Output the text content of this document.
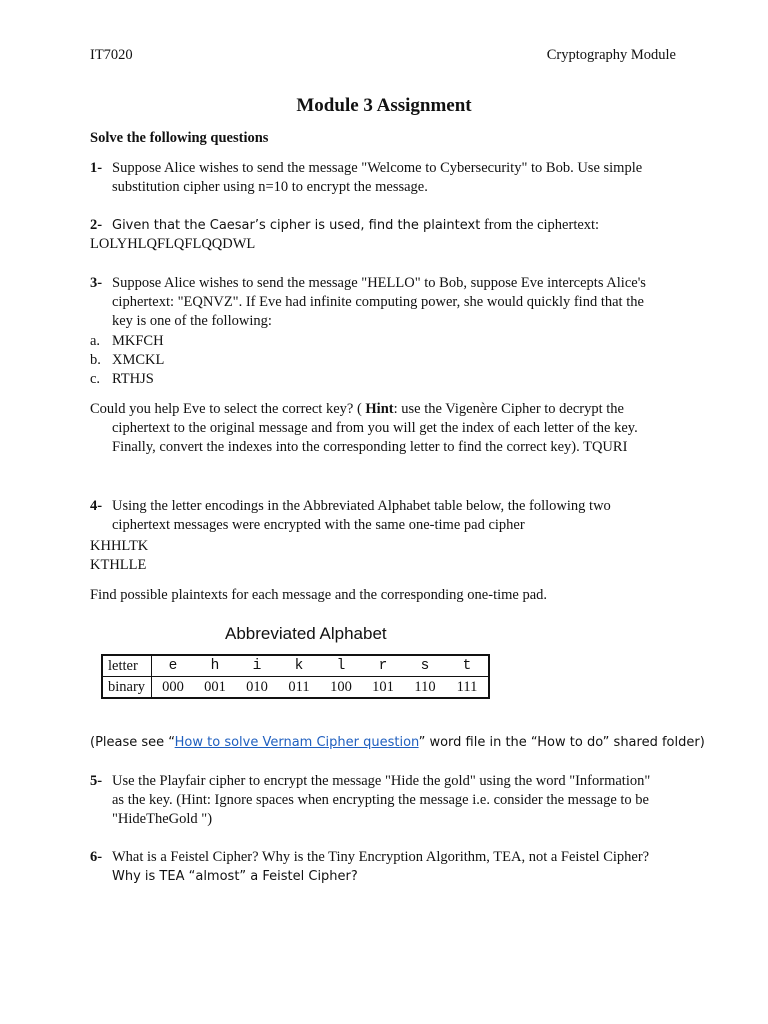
IT7020	Cryptography Module
Module 3 Assignment
Solve the following questions
1- Suppose Alice wishes to send the message "Welcome to Cybersecurity" to Bob. Use simple
substitution cipher using n=10 to encrypt the message.
2- Given that the Caesar’s cipher is used, find the plaintext from the ciphertext:
LOLYHLQFLQFLQQDWL
3- Suppose Alice wishes to send the message "HELLO" to Bob, suppose Eve intercepts Alice's
ciphertext: "EQNVZ". If Eve had infinite computing power, she would quickly find that the
key is one of the following:
a. MKFCH
b. XMCKL
c. RTHJS

Could you help Eve to select the correct key? ( Hint: use the Vigenère Cipher to decrypt the

ciphertext to the original message and from you will get the index of each letter of the key.

Finally, convert the indexes into the corresponding letter to find the correct key). TQURI

4- Using the letter encodings in the Abbreviated Alphabet table below, the following two
ciphertext messages were encrypted with the same one-time pad cipher
KHHLTK
KTHLLE
Find possible plaintexts for each message and the corresponding one-time pad.
Abbreviated Alphabet
letter	e	h	i	k	l	r	s	t
binary	000	001	010	011	100	101	110	111
(Please see “How to solve Vernam Cipher question” word file in the “How to do” shared folder)
5- Use the Playfair cipher to encrypt the message "Hide the gold" using the word "Information"
as the key. (Hint: Ignore spaces when encrypting the message i.e. consider the message to be
"HideTheGold ")
6- What is a Feistel Cipher? Why is the Tiny Encryption Algorithm, TEA, not a Feistel Cipher?
Why is TEA “almost” a Feistel Cipher?
